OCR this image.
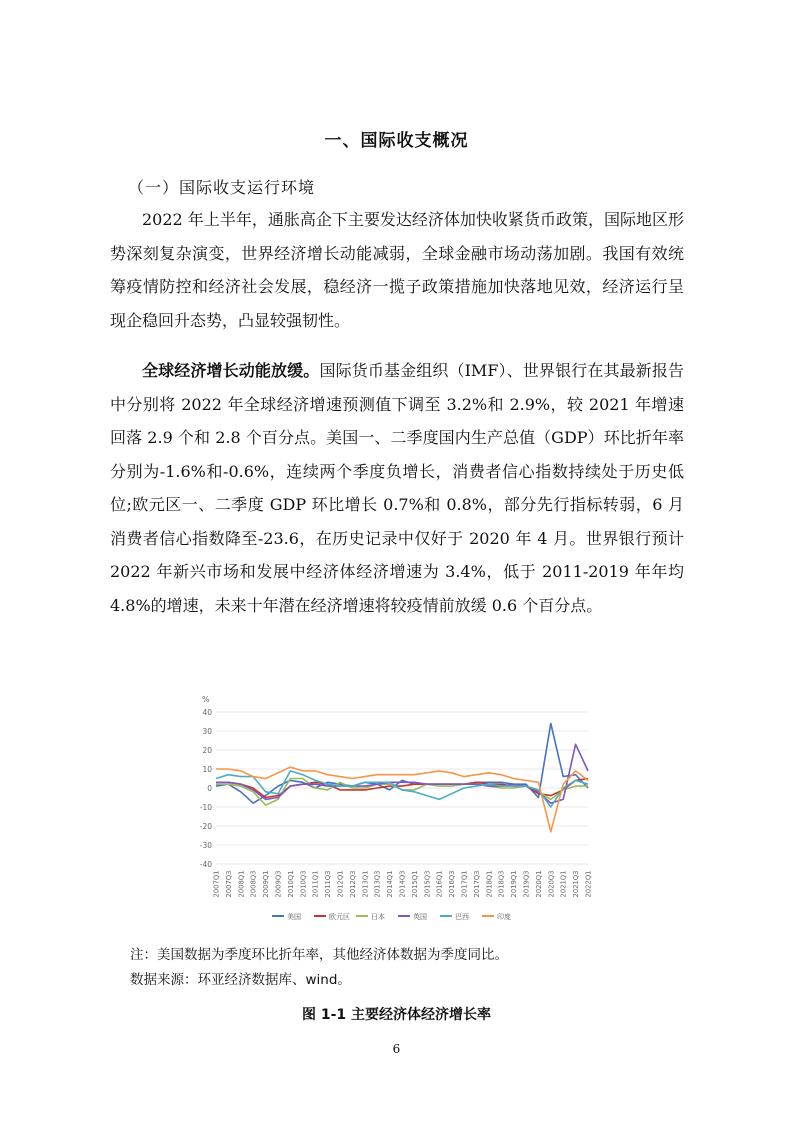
一、国际收支概况
（一）国际收支运行环境

2022 年上半年，通胀高企下主要发达经济体加快收紧货币政策，国际地区形势深刻复杂演变，世界经济增长动能减弱，全球金融市场动荡加剧。我国有效统筹疫情防控和经济社会发展，稳经济一揽子政策措施加快落地见效，经济运行呈现企稳回升态势，凸显较强韧性。

全球经济增长动能放缓。国际货币基金组织（IMF）、世界银行在其最新报告中分别将 2022 年全球经济增速预测值下调至 3.2%和 2.9%，较 2021 年增速回落 2.9 个和 2.8 个百分点。美国一、二季度国内生产总值（GDP）环比折年率分别为-1.6%和-0.6%，连续两个季度负增长，消费者信心指数持续处于历史低位;欧元区一、二季度 GDP 环比增长 0.7%和 0.8%，部分先行指标转弱，6 月消费者信心指数降至-23.6，在历史记录中仅好于 2020 年 4 月。世界银行预计 2022 年新兴市场和发展中经济体经济增速为 3.4%，低于 2011-2019 年年均 4.8%的增速，未来十年潜在经济增速将较疫情前放缓 0.6 个百分点。

%
40
30
20
10
0
-10
-20
-30
-40
2007Q1 2007Q3 2008Q1 2008Q3 2009Q1 2009Q3 2010Q1 2010Q3 2011Q1 2011Q3 2012Q1 2012Q3 2013Q1 2013Q3 2014Q1 2014Q3 2015Q1 2015Q3 2016Q1 2016Q3 2017Q1 2017Q3 2018Q1 2018Q3 2019Q1 2019Q3 2020Q1 2020Q3 2021Q1 2021Q3 2022Q1
美国	欧元区	日本	英国	巴西	印度
注：美国数据为季度环比折年率，其他经济体数据为季度同比。
数据来源：环亚经济数据库、wind。
图 1-1 主要经济体经济增长率
6
